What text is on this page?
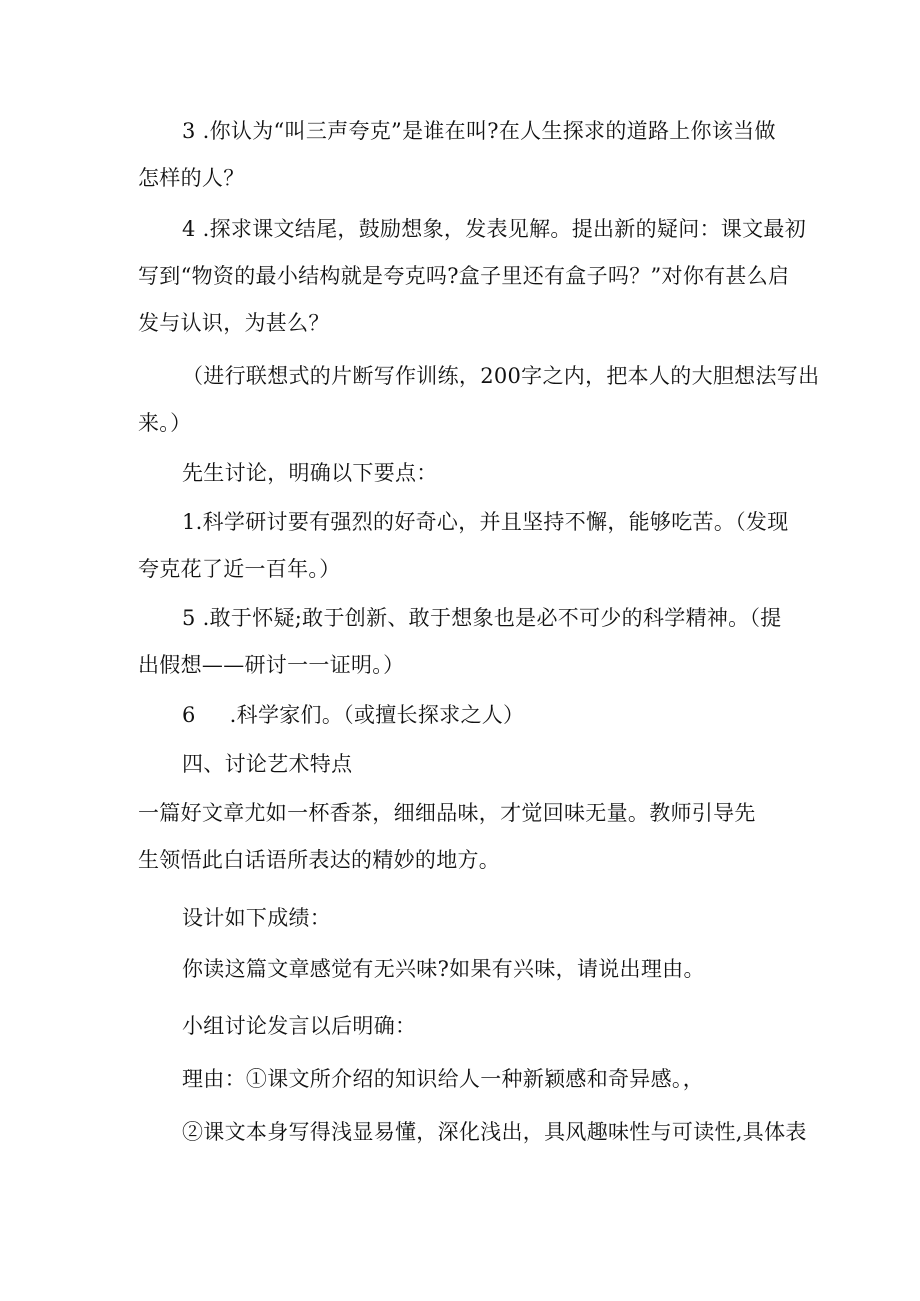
3 .你认为“叫三声夸克”是谁在叫?在人生探求的道路上你该当做
怎样的人？
4 .探求课文结尾，鼓励想象，发表见解。提出新的疑问：课文最初
写到“物资的最小结构就是夸克吗?盒子里还有盒子吗？”对你有甚么启
发与认识，为甚么？
（进行联想式的片断写作训练，200字之内，把本人的大胆想法写出
来。）
先生讨论，明确以下要点：
1.科学研讨要有强烈的好奇心，并且坚持不懈，能够吃苦。（发现
夸克花了近一百年。）
5 .敢于怀疑;敢于创新、敢于想象也是必不可少的科学精神。（提
出假想——研讨一一证明。）
6 .科学家们。（或擅长探求之人）
四、讨论艺术特点
一篇好文章尤如一杯香茶，细细品味，才觉回味无量。教师引导先
生领悟此白话语所表达的精妙的地方。
设计如下成绩：
你读这篇文章感觉有无兴味?如果有兴味，请说出理由。
小组讨论发言以后明确：
理由：①课文所介绍的知识给人一种新颖感和奇异感。，
②课文本身写得浅显易懂，深化浅出，具风趣味性与可读性,具体表
